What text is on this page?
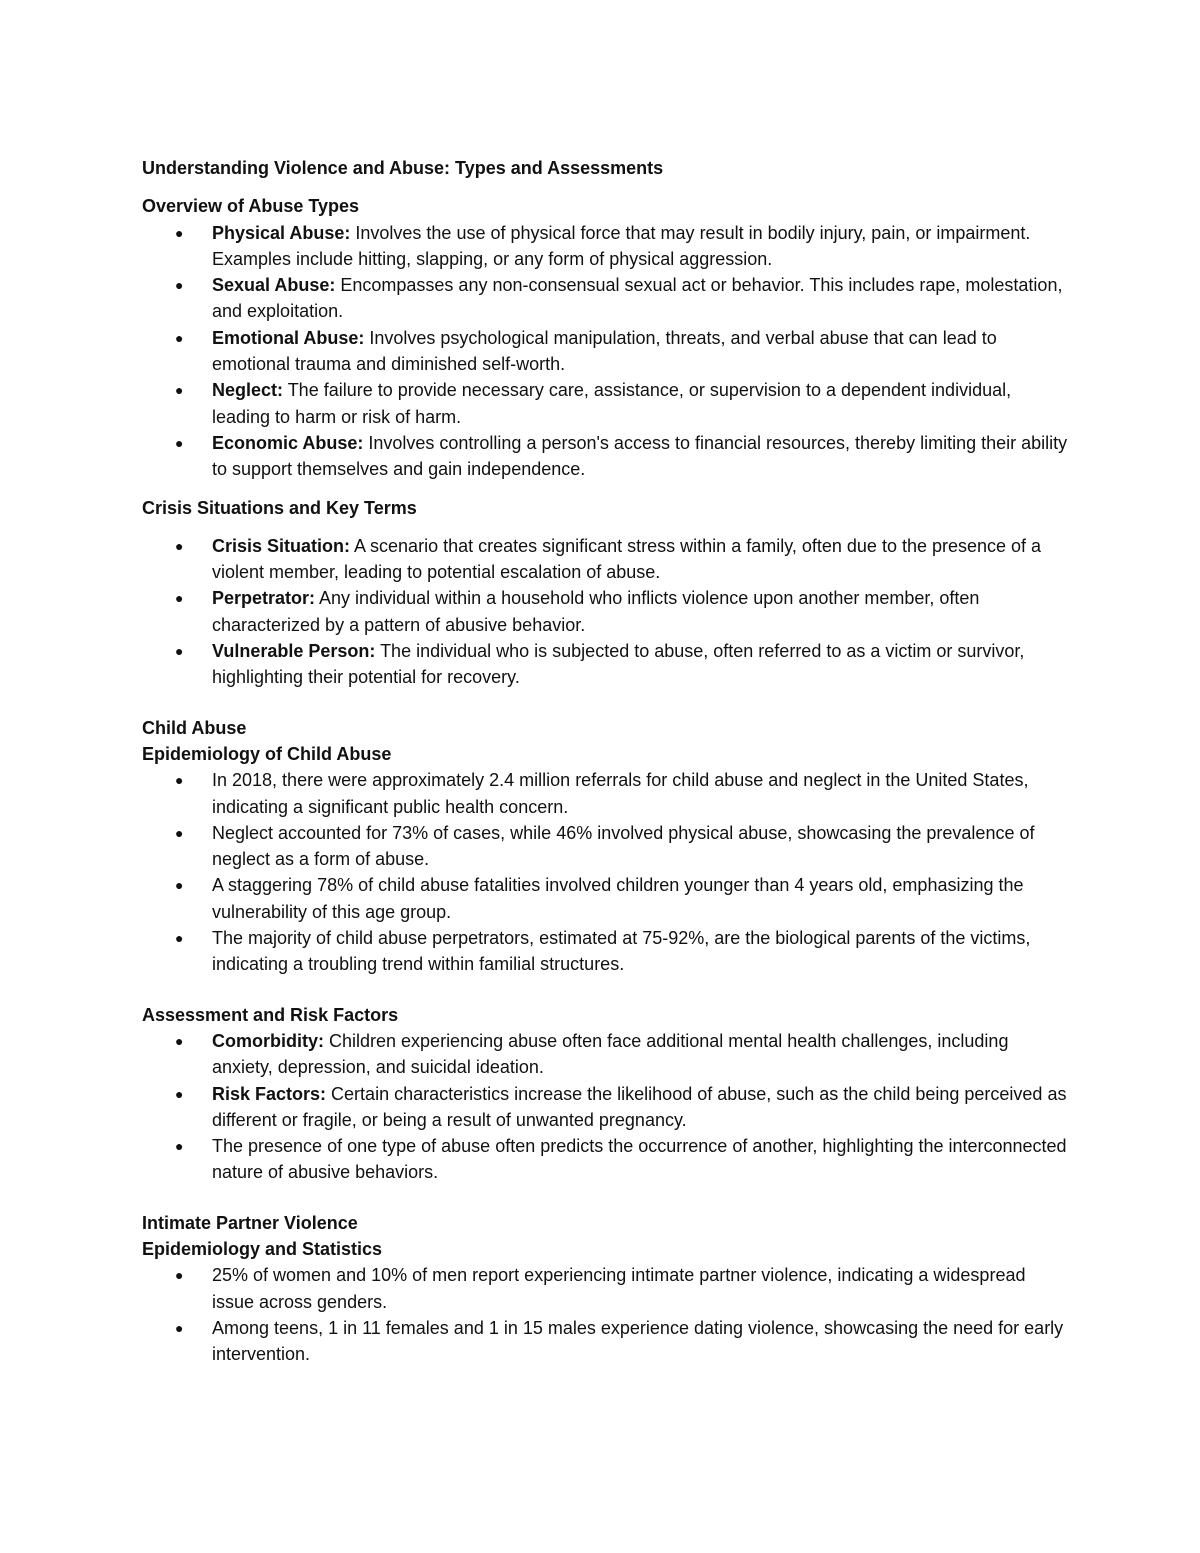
Understanding Violence and Abuse: Types and Assessments

Overview of Abuse Types

● Physical Abuse: Involves the use of physical force that may result in bodily injury, pain, or impairment. Examples include hitting, slapping, or any form of physical aggression.
● Sexual Abuse: Encompasses any non-consensual sexual act or behavior. This includes rape, molestation, and exploitation.
● Emotional Abuse: Involves psychological manipulation, threats, and verbal abuse that can lead to emotional trauma and diminished self-worth.
● Neglect: The failure to provide necessary care, assistance, or supervision to a dependent individual, leading to harm or risk of harm.
● Economic Abuse: Involves controlling a person's access to financial resources, thereby limiting their ability to support themselves and gain independence.

Crisis Situations and Key Terms

● Crisis Situation: A scenario that creates significant stress within a family, often due to the presence of a violent member, leading to potential escalation of abuse.
● Perpetrator: Any individual within a household who inflicts violence upon another member, often characterized by a pattern of abusive behavior.
● Vulnerable Person: The individual who is subjected to abuse, often referred to as a victim or survivor, highlighting their potential for recovery.

Child Abuse

Epidemiology of Child Abuse

● In 2018, there were approximately 2.4 million referrals for child abuse and neglect in the United States, indicating a significant public health concern.
● Neglect accounted for 73% of cases, while 46% involved physical abuse, showcasing the prevalence of neglect as a form of abuse.
● A staggering 78% of child abuse fatalities involved children younger than 4 years old, emphasizing the vulnerability of this age group.
● The majority of child abuse perpetrators, estimated at 75-92%, are the biological parents of the victims, indicating a troubling trend within familial structures.

Assessment and Risk Factors

● Comorbidity: Children experiencing abuse often face additional mental health challenges, including anxiety, depression, and suicidal ideation.
● Risk Factors: Certain characteristics increase the likelihood of abuse, such as the child being perceived as different or fragile, or being a result of unwanted pregnancy.
● The presence of one type of abuse often predicts the occurrence of another, highlighting the interconnected nature of abusive behaviors.

Intimate Partner Violence

Epidemiology and Statistics

● 25% of women and 10% of men report experiencing intimate partner violence, indicating a widespread issue across genders.
● Among teens, 1 in 11 females and 1 in 15 males experience dating violence, showcasing the need for early intervention.
